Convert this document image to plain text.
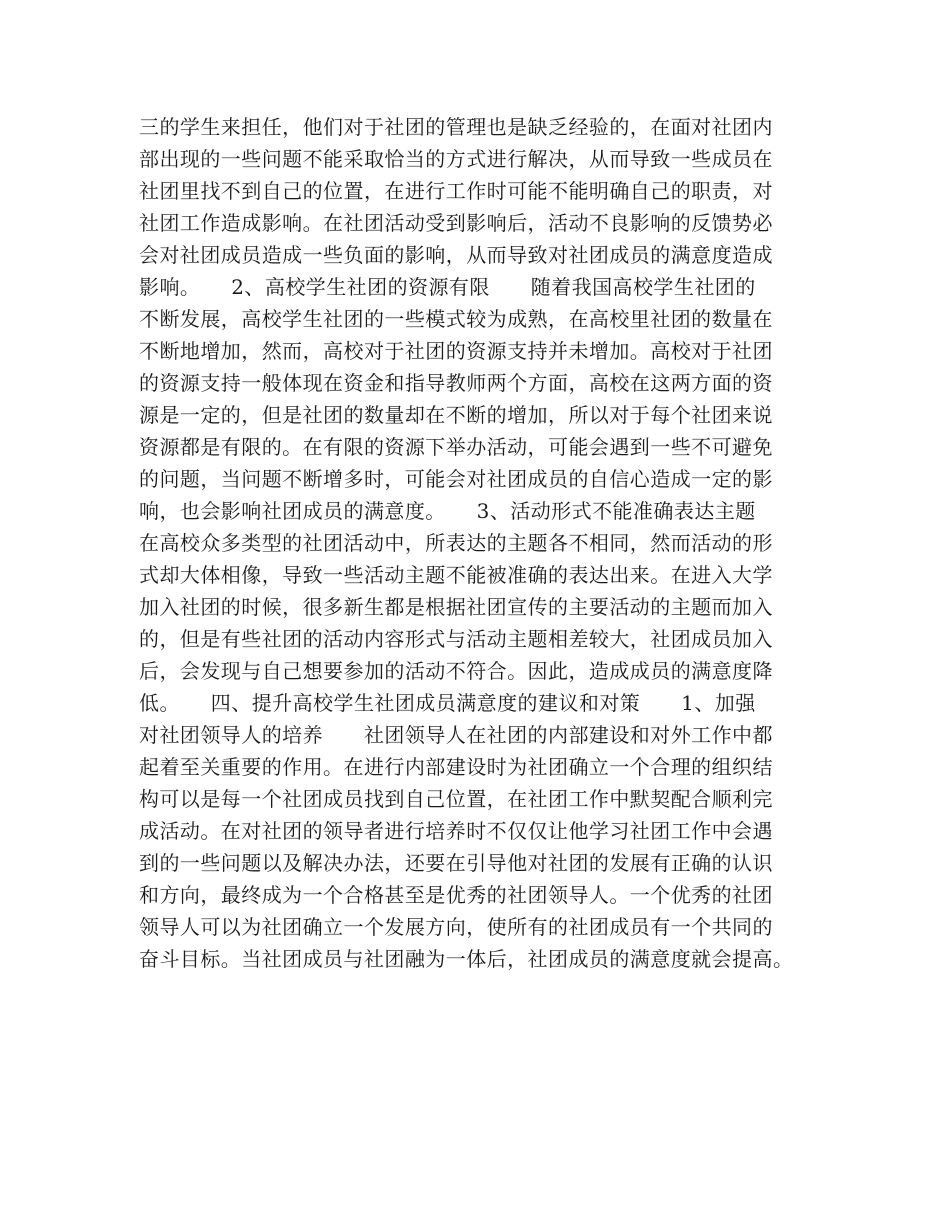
三的学生来担任，他们对于社团的管理也是缺乏经验的，在面对社团内
部出现的一些问题不能采取恰当的方式进行解决，从而导致一些成员在
社团里找不到自己的位置，在进行工作时可能不能明确自己的职责，对
社团工作造成影响。在社团活动受到影响后，活动不良影响的反馈势必
会对社团成员造成一些负面的影响，从而导致对社团成员的满意度造成
影响。　　2、高校学生社团的资源有限　　随着我国高校学生社团的
不断发展，高校学生社团的一些模式较为成熟，在高校里社团的数量在
不断地增加，然而，高校对于社团的资源支持并未增加。高校对于社团
的资源支持一般体现在资金和指导教师两个方面，高校在这两方面的资
源是一定的，但是社团的数量却在不断的增加，所以对于每个社团来说
资源都是有限的。在有限的资源下举办活动，可能会遇到一些不可避免
的问题，当问题不断增多时，可能会对社团成员的自信心造成一定的影
响，也会影响社团成员的满意度。　　3、活动形式不能准确表达主题
在高校众多类型的社团活动中，所表达的主题各不相同，然而活动的形
式却大体相像，导致一些活动主题不能被准确的表达出来。在进入大学
加入社团的时候，很多新生都是根据社团宣传的主要活动的主题而加入
的，但是有些社团的活动内容形式与活动主题相差较大，社团成员加入
后，会发现与自己想要参加的活动不符合。因此，造成成员的满意度降
低。　　四、提升高校学生社团成员满意度的建议和对策　　1、加强
对社团领导人的培养　　社团领导人在社团的内部建设和对外工作中都
起着至关重要的作用。在进行内部建设时为社团确立一个合理的组织结
构可以是每一个社团成员找到自己位置，在社团工作中默契配合顺利完
成活动。在对社团的领导者进行培养时不仅仅让他学习社团工作中会遇
到的一些问题以及解决办法，还要在引导他对社团的发展有正确的认识
和方向，最终成为一个合格甚至是优秀的社团领导人。一个优秀的社团
领导人可以为社团确立一个发展方向，使所有的社团成员有一个共同的
奋斗目标。当社团成员与社团融为一体后，社团成员的满意度就会提高。
